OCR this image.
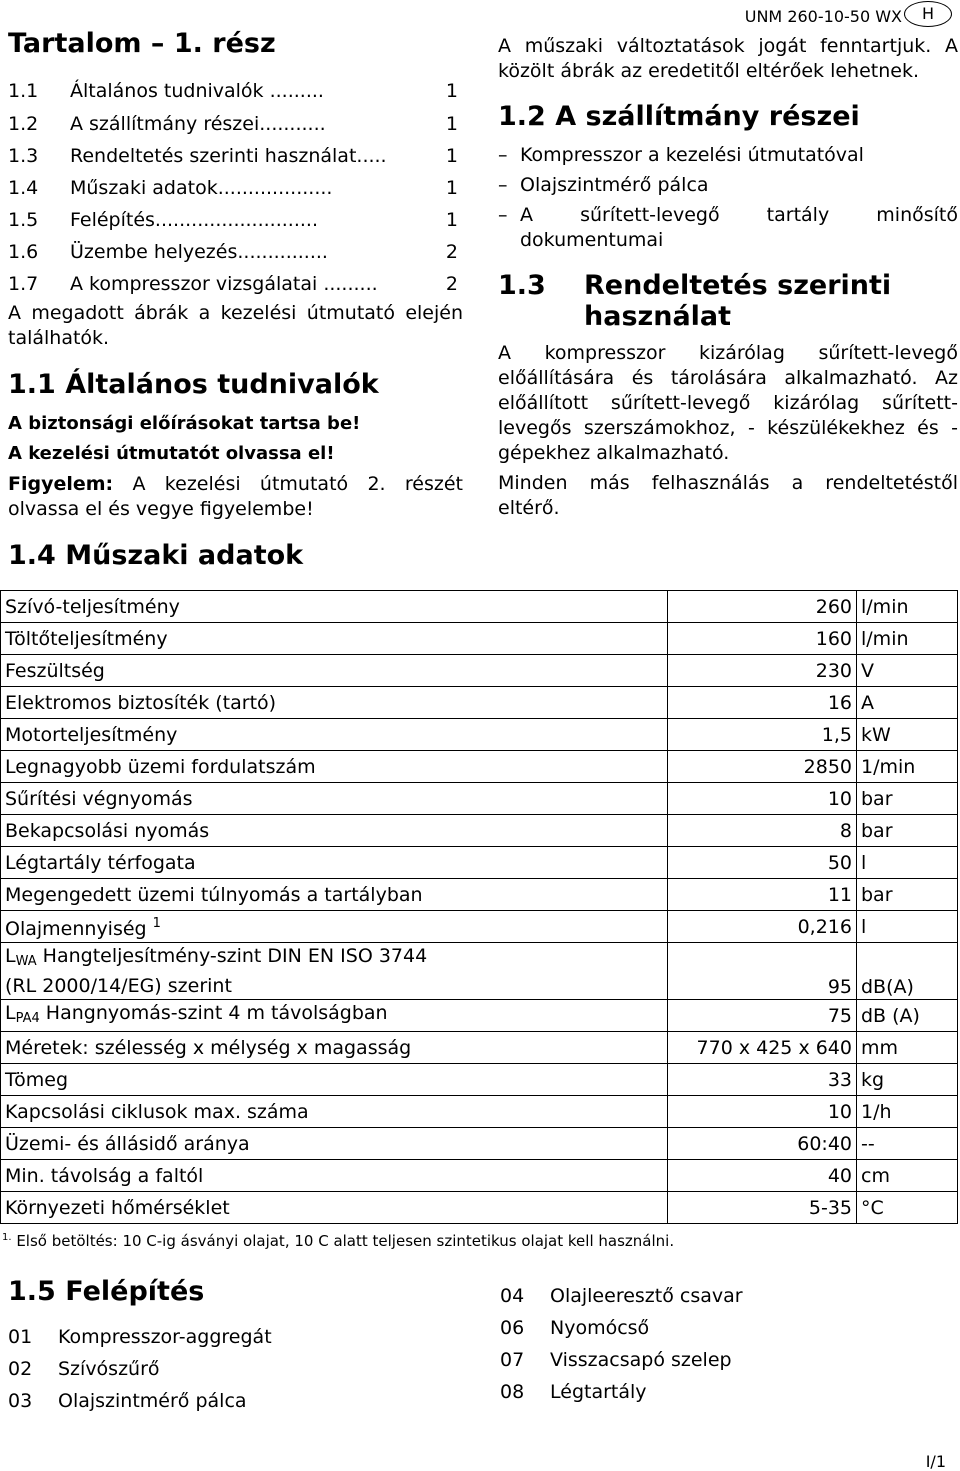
UNM 260-10-50 WX	H
Tartalom – 1. rész
1.1 Általános tudnivalók .........	1
1.2 A szállítmány részei...........	1
1.3 Rendeltetés szerinti használat.....	1
1.4 Műszaki adatok...................	1
1.5 Felépítés...........................	1
1.6 Üzembe helyezés...............	2
1.7 A kompresszor vizsgálatai .........	2
A megadott ábrák a kezelési útmutató elején találhatók.
1.1 Általános tudnivalók
A biztonsági előírásokat tartsa be!
A kezelési útmutatót olvassa el!
Figyelem: A kezelési útmutató 2. részét olvassa el és vegye figyelembe!
A műszaki változtatások jogát fenntartjuk. A közölt ábrák az eredetitől eltérőek lehetnek.
1.2 A szállítmány részei
– Kompresszor a kezelési útmutatóval
– Olajszintmérő pálca
– A sűrített-levegő tartály minősítő dokumentumai
1.3 Rendeltetés szerinti
használat
A kompresszor kizárólag sűrített-levegő előállítására és tárolására alkalmazható. Az előállított sűrített-levegő kizárólag sűrített-levegős szerszámokhoz, - készülékekhez és - gépekhez alkalmazható.
Minden más felhasználás a rendeltetéstől eltérő.
1.4 Műszaki adatok
Szívó-teljesítmény	260	l/min
Töltőteljesítmény	160	l/min
Feszültség	230	V
Elektromos biztosíték (tartó)	16	A
Motorteljesítmény	1,5	kW
Legnagyobb üzemi fordulatszám	2850	1/min
Sűrítési végnyomás	10	bar
Bekapcsolási nyomás	8	bar
Légtartály térfogata	50	l
Megengedett üzemi túlnyomás a tartályban	11	bar
Olajmennyiség $^1$	0,216	l
$L_{WA}$ Hangteljesítmény-szint DIN EN ISO 3744
(RL 2000/14/EG) szerint	95	dB(A)
$L_{PA4}$ Hangnyomás-szint 4 m távolságban	75	dB (A)
Méretek: szélesség x mélység x magasság	770 x 425 x 640	mm
Tömeg	33	kg
Kapcsolási ciklusok max. száma	10	1/h
Üzemi- és állásidő aránya	60:40	--
Min. távolság a faltól	40	cm
Környezeti hőmérséklet	5-35	°C
$^{1.}$ Első betöltés: 10 C-ig ásványi olajat, 10 C alatt teljesen szintetikus olajat kell használni.
1.5 Felépítés
01 Kompresszor-aggregát
02 Szívószűrő
03 Olajszintmérő pálca
04 Olajleeresztő csavar
06 Nyomócső
07 Visszacsapó szelep
08 Légtartály
I/1
